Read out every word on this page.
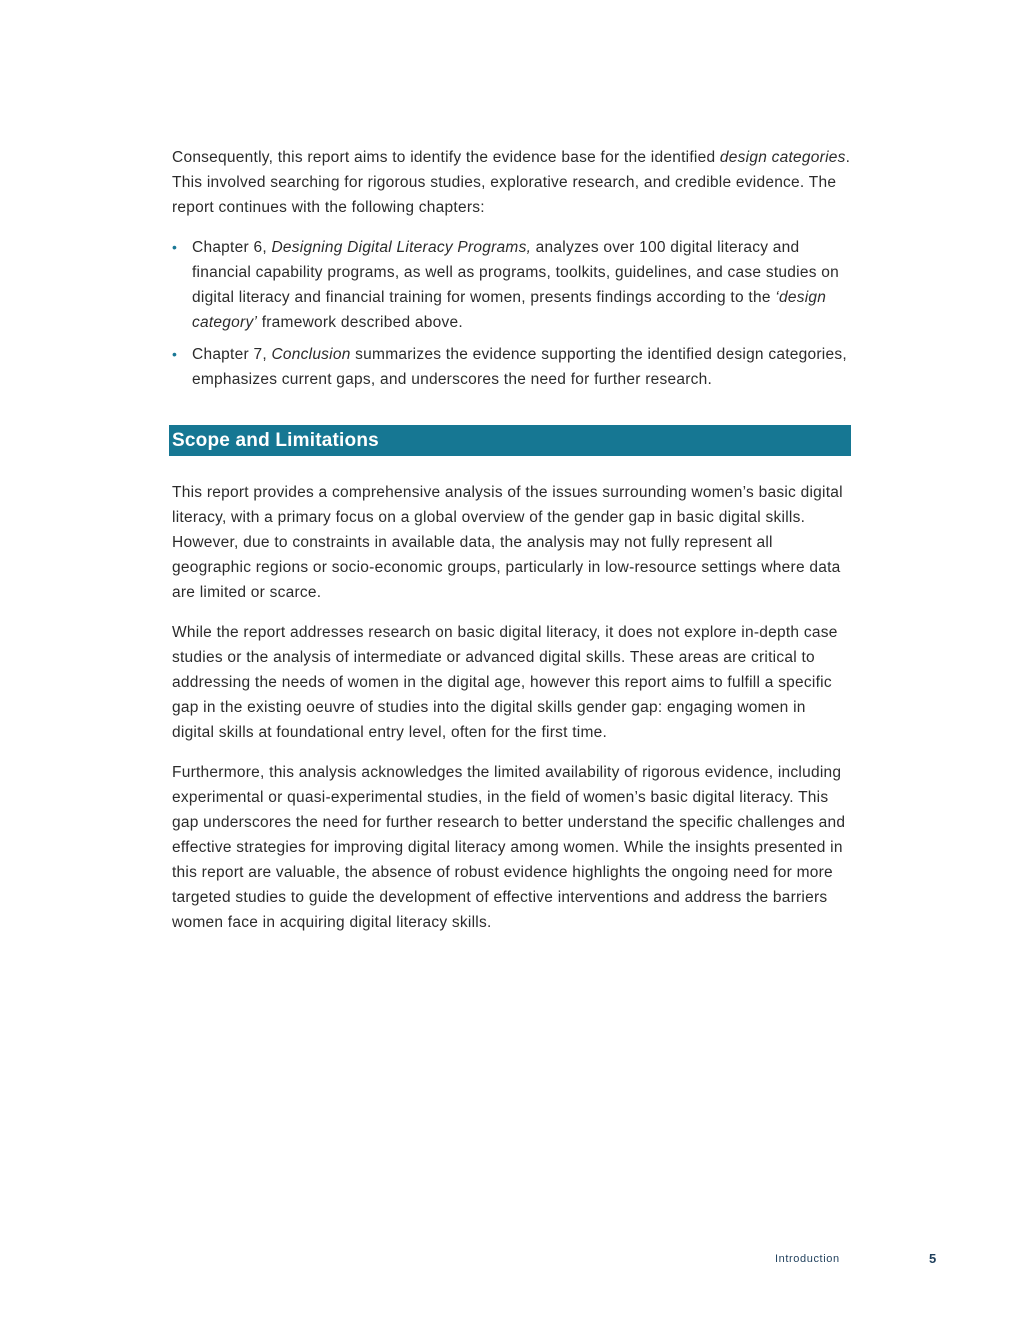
Consequently, this report aims to identify the evidence base for the identified design categories. This involved searching for rigorous studies, explorative research, and credible evidence. The report continues with the following chapters:

• Chapter 6, Designing Digital Literacy Programs, analyzes over 100 digital literacy and financial capability programs, as well as programs, toolkits, guidelines, and case studies on digital literacy and financial training for women, presents findings according to the ‘design category’ framework described above.
• Chapter 7, Conclusion summarizes the evidence supporting the identified design categories, emphasizes current gaps, and underscores the need for further research.
Scope and Limitations

This report provides a comprehensive analysis of the issues surrounding women’s basic digital literacy, with a primary focus on a global overview of the gender gap in basic digital skills. However, due to constraints in available data, the analysis may not fully represent all geographic regions or socio-economic groups, particularly in low-resource settings where data are limited or scarce.

While the report addresses research on basic digital literacy, it does not explore in-depth case studies or the analysis of intermediate or advanced digital skills. These areas are critical to addressing the needs of women in the digital age, however this report aims to fulfill a specific gap in the existing oeuvre of studies into the digital skills gender gap: engaging women in digital skills at foundational entry level, often for the first time.

Furthermore, this analysis acknowledges the limited availability of rigorous evidence, including experimental or quasi-experimental studies, in the field of women’s basic digital literacy. This gap underscores the need for further research to better understand the specific challenges and effective strategies for improving digital literacy among women. While the insights presented in this report are valuable, the absence of robust evidence highlights the ongoing need for more targeted studies to guide the development of effective interventions and address the barriers women face in acquiring digital literacy skills.

Introduction	5
